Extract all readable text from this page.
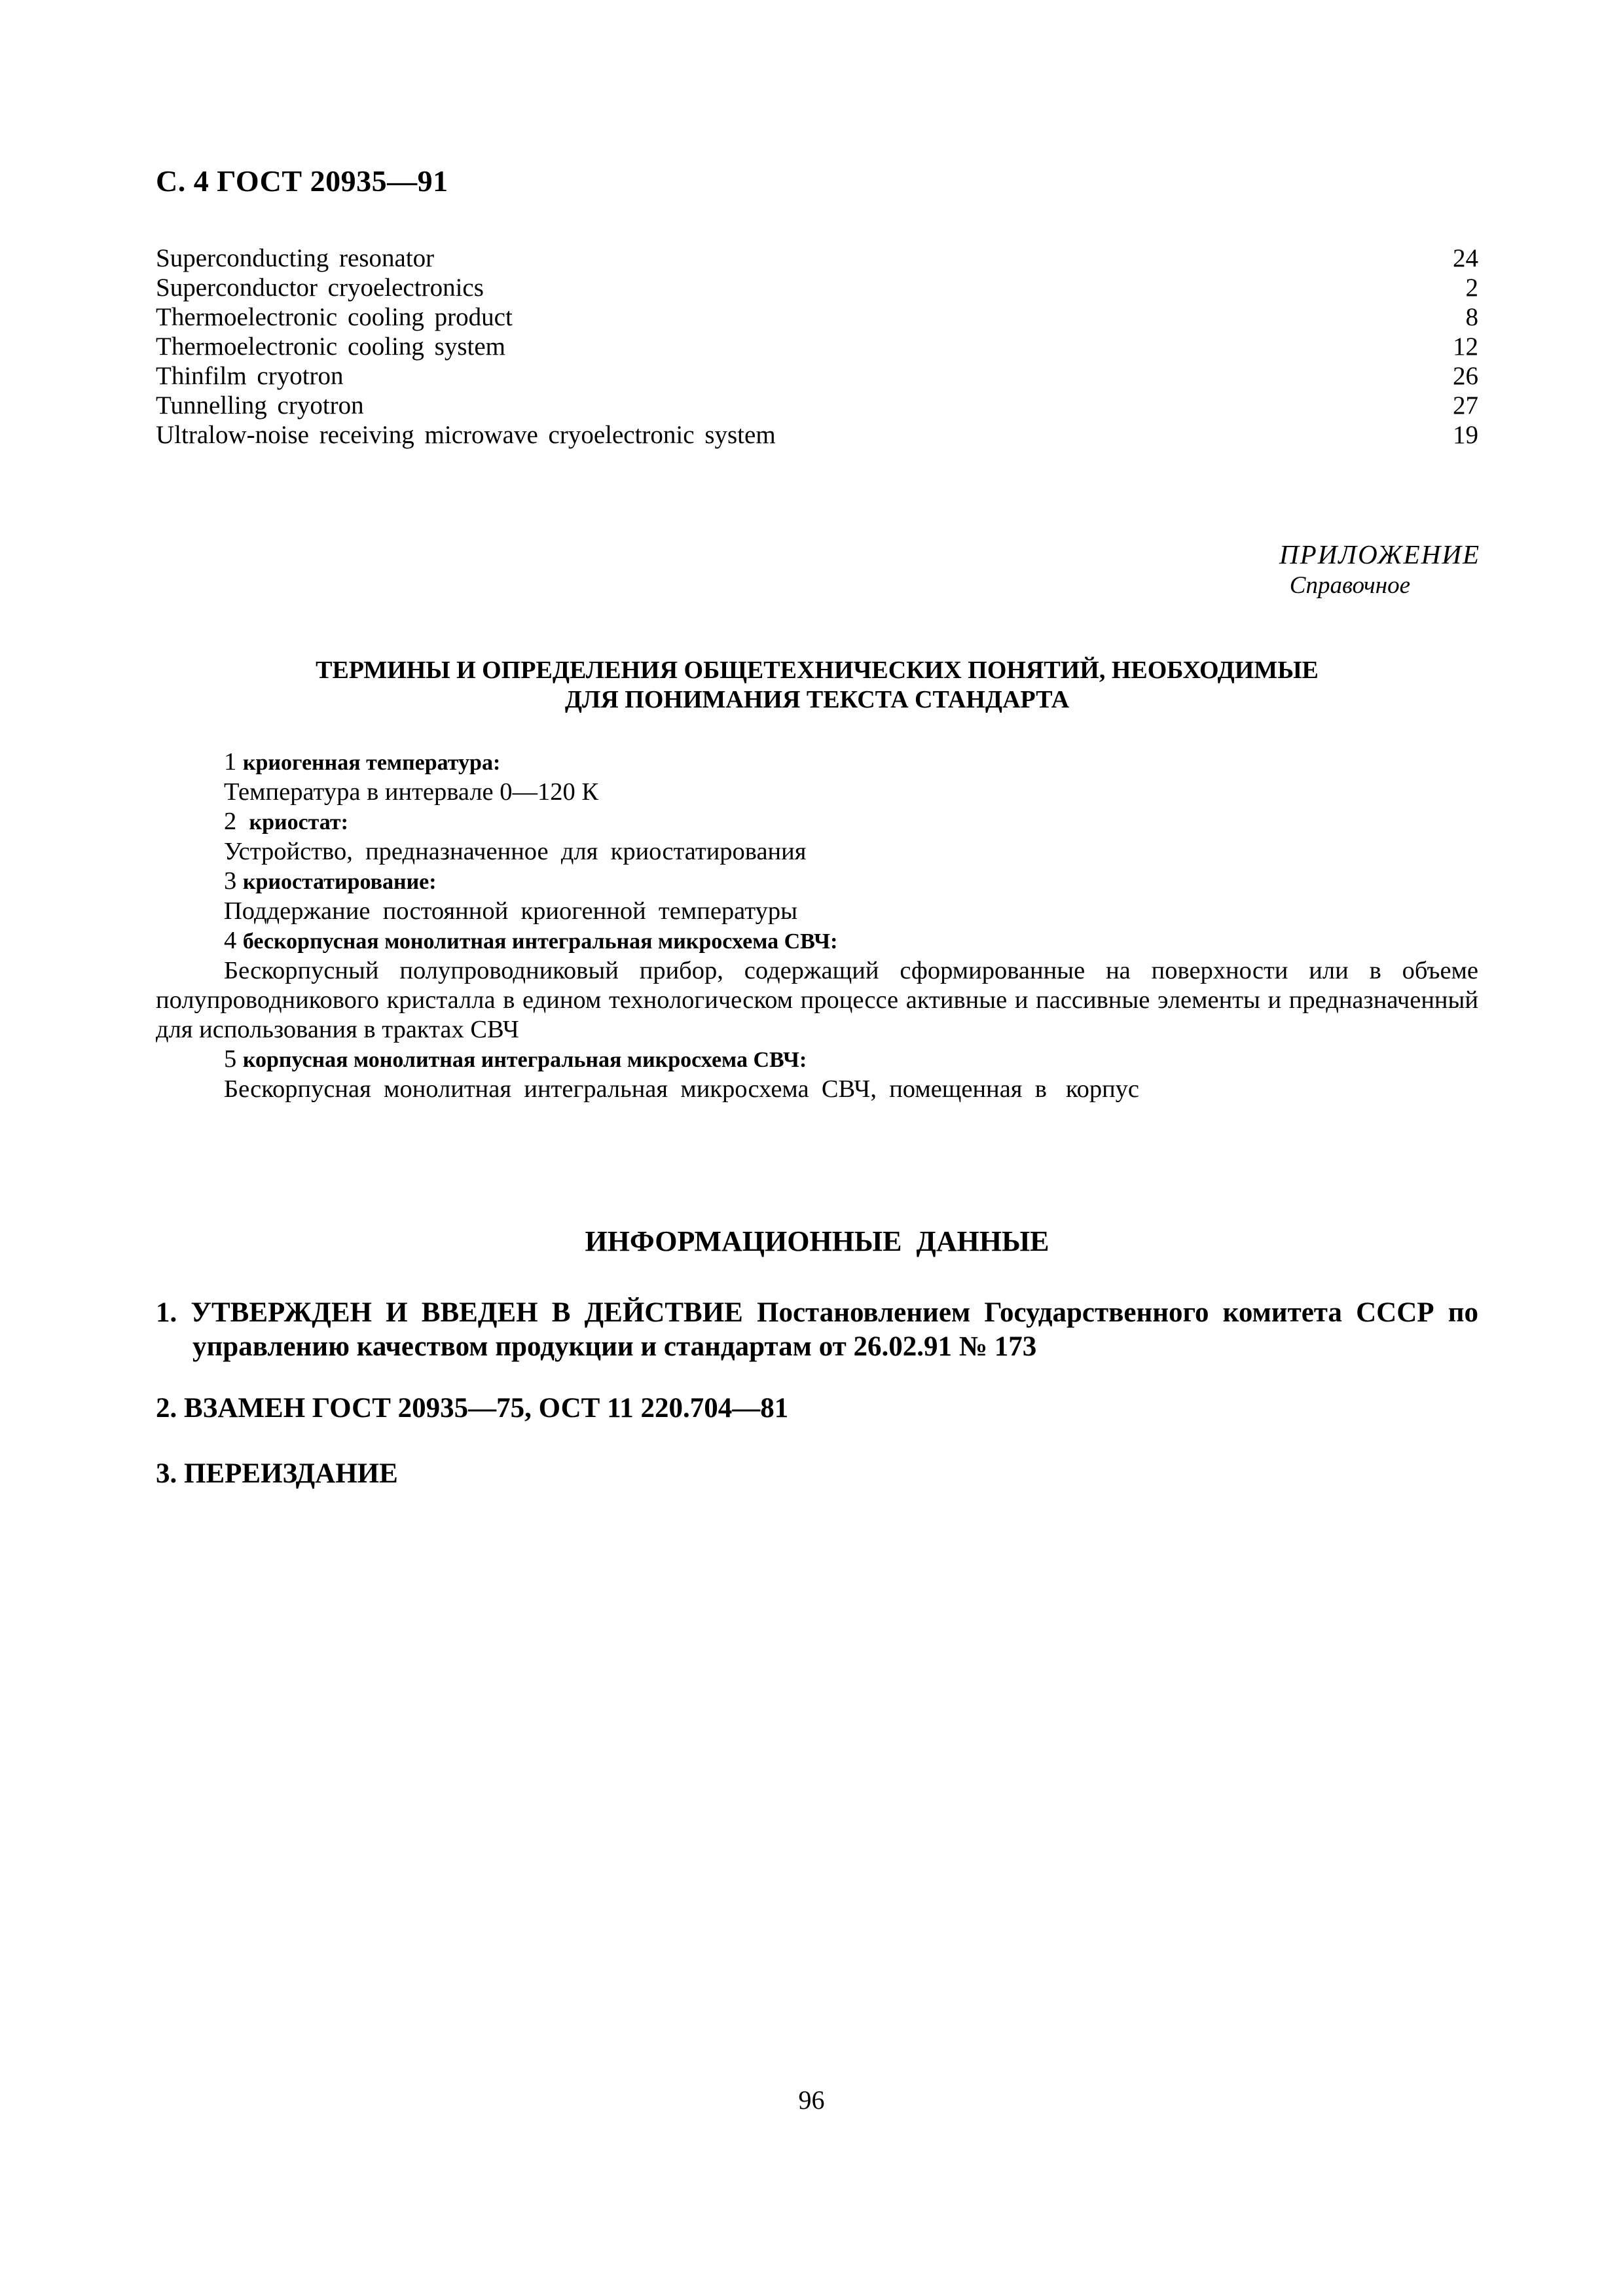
С. 4 ГОСТ 20935—91
Superconducting resonator	24
Superconductor cryoelectronics	2
Thermoelectronic cooling product	8
Thermoelectronic cooling system	12
Thinfilm cryotron	26
Tunnelling cryotron	27
Ultralow-noise receiving microwave cryoelectronic system	19
ПРИЛОЖЕНИЕ
Справочное
ТЕРМИНЫ И ОПРЕДЕЛЕНИЯ ОБЩЕТЕХНИЧЕСКИХ ПОНЯТИЙ, НЕОБХОДИМЫЕ
ДЛЯ ПОНИМАНИЯ ТЕКСТА СТАНДАРТА
1 криогенная температура:
Температура в интервале 0—120 К
2  криостат:
Устройство,  предназначенное  для  криостатирования
3 криостатирование:
Поддержание  постоянной  криогенной  температуры
4 бескорпусная монолитная интегральная микросхема СВЧ:
Бескорпусный полупроводниковый прибор, содержащий сформированные на поверхности или в объеме полупроводникового кристалла в едином технологическом процессе активные и пассивные элементы и предназначенный для использования в трактах СВЧ
5 корпусная монолитная интегральная микросхема СВЧ:
Бескорпусная  монолитная  интегральная  микросхема  СВЧ,  помещенная  в   корпус
ИНФОРМАЦИОННЫЕ  ДАННЫЕ
1. УТВЕРЖДЕН И ВВЕДЕН В ДЕЙСТВИЕ Постановлением Государственного комитета СССР по
управлению качеством продукции и стандартам от 26.02.91 № 173
2. ВЗАМЕН ГОСТ 20935—75, ОСТ 11 220.704—81
3. ПЕРЕИЗДАНИЕ
96
